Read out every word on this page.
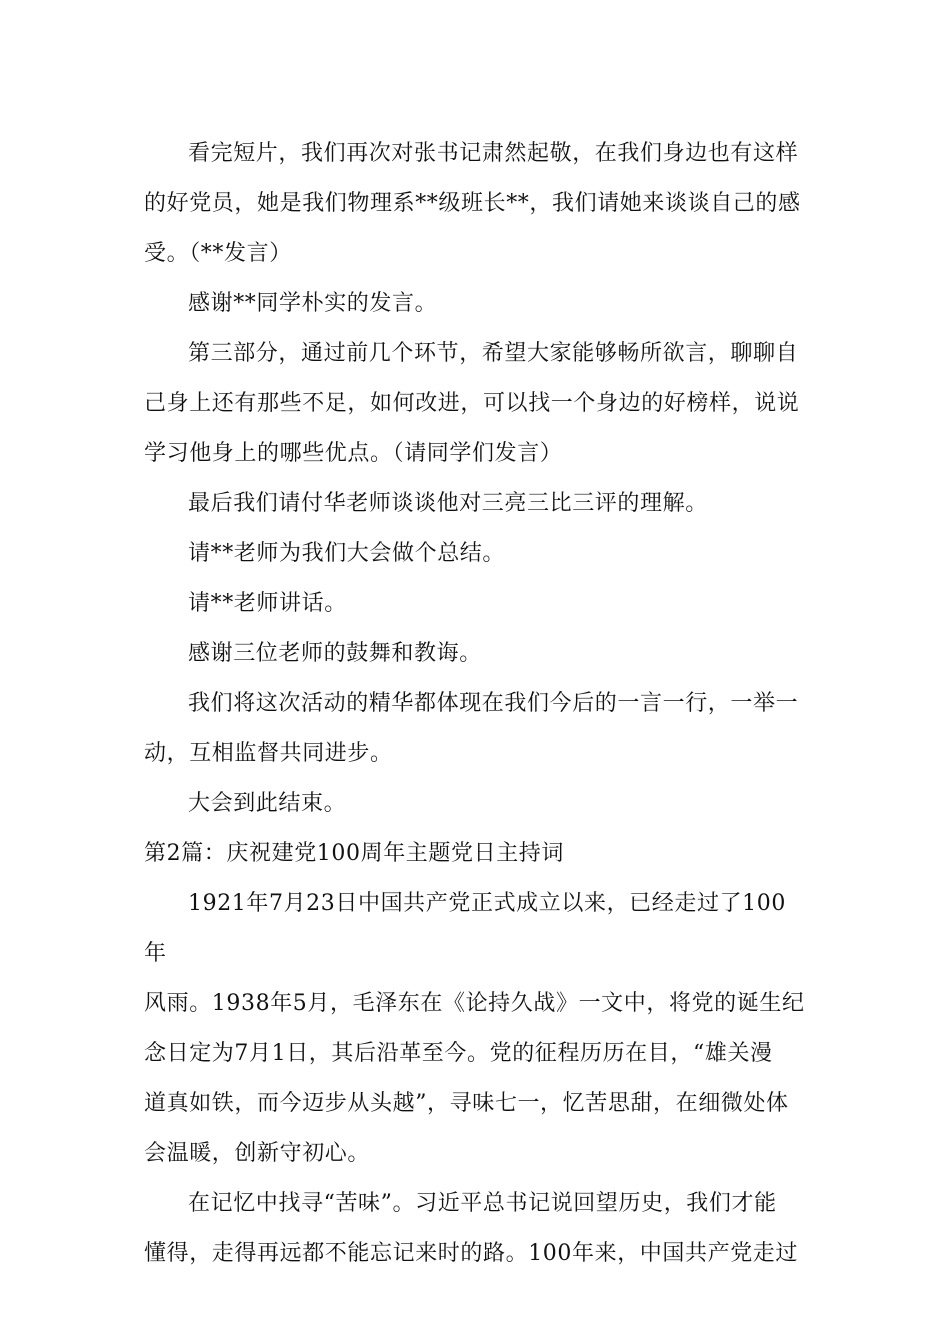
看完短片，我们再次对张书记肃然起敬，在我们身边也有这样
的好党员，她是我们物理系**级班长**，我们请她来谈谈自己的感
受。（**发言）

感谢**同学朴实的发言。

第三部分，通过前几个环节，希望大家能够畅所欲言，聊聊自
己身上还有那些不足，如何改进，可以找一个身边的好榜样，说说
学习他身上的哪些优点。（请同学们发言）

最后我们请付华老师谈谈他对三亮三比三评的理解。

请**老师为我们大会做个总结。

请**老师讲话。

感谢三位老师的鼓舞和教诲。

我们将这次活动的精华都体现在我们今后的一言一行，一举一
动，互相监督共同进步。

大会到此结束。

第2篇：庆祝建党100周年主题党日主持词

1921年7月23日中国共产党正式成立以来，已经走过了100年
风雨。1938年5月，毛泽东在《论持久战》一文中，将党的诞生纪
念日定为7月1日，其后沿革至今。党的征程历历在目，“雄关漫
道真如铁，而今迈步从头越”，寻味七一，忆苦思甜，在细微处体
会温暖，创新守初心。

在记忆中找寻“苦味”。习近平总书记说回望历史，我们才能
懂得，走得再远都不能忘记来时的路。100年来，中国共产党走过
